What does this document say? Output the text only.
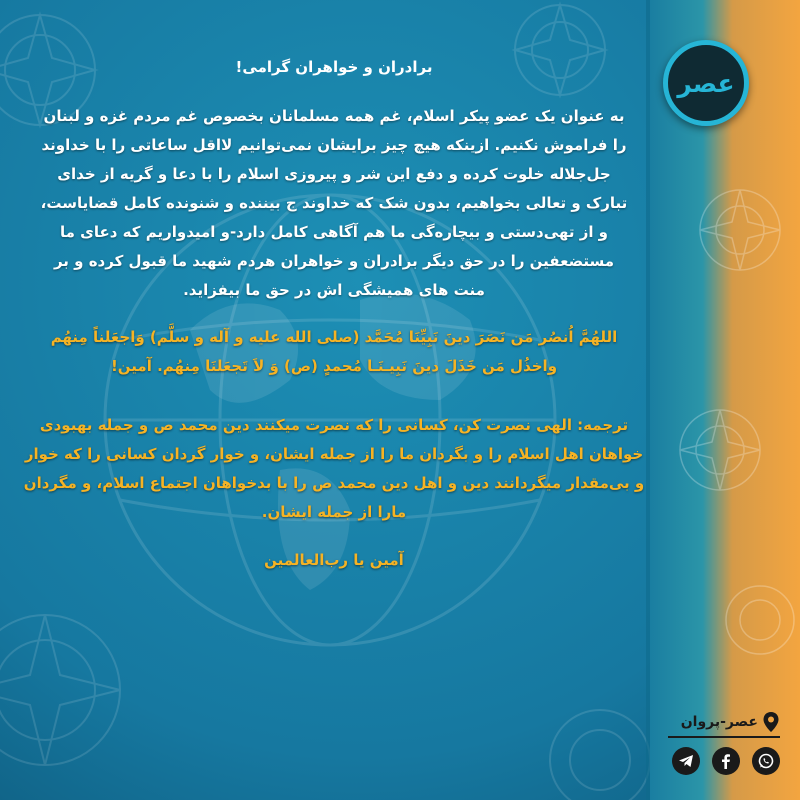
برادران و خواهران گرامی!
به عنوان یک عضو پیکر اسلام، غم همه مسلمانان بخصوص غم مردم غزه و لبنان را فراموش نکنیم. ازینکه هیچ چیز برایشان نمی‌توانیم لااقل ساعاتی را با خداوند جل‌جلاله خلوت کرده و دفع این شر و پیروزی اسلام را با دعا و گریه از خدای تبارک و تعالی بخواهیم، بدون شک که خداوند ج بیننده و شنونده کامل قضایاست، و از تهی‌دستی و بیچاره‌گی ما هم آگاهی کامل دارد-و امیدواریم که دعای ما مستضعفین را در حق دیگر برادران و خواهران هردم شهید ما قبول کرده و بر منت های همیشگی اش در حق ما بیفزاید.
اللهُمَّ اُنصُر مَن نَصَرَ دینَ نَبِیِّنَا مُحَمَّد (صلی الله علیه و آله و سلَّم) وَاجعَلناً مِنهُم واخذُل مَن خَذَلَ دینَ نَبِیـنَـا مُحمدٍ (ص) وَ لاَ تَجعَلنَا مِنهُم. آمین!
ترجمه: الهی نصرت کن، کسانی را که نصرت میکنند دین محمد ص و جمله بهبودی خواهان اهل اسلام را و بگردان ما را از جمله ایشان، و خوار گردان کسانی را که خوار و بی‌مقدار میگردانند دین و اهل دین محمد ص را با بدخواهان اجتماع اسلام، و مگردان مارا از جمله ایشان.
آمین یا رب‌العالمین
عصر
عصر-پروان
